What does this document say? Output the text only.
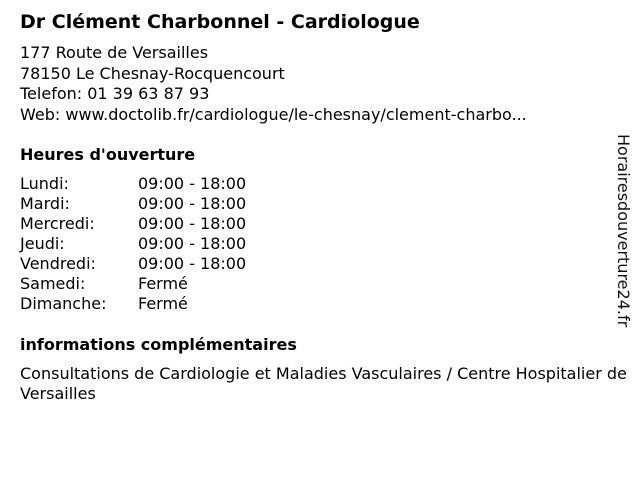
Dr Clément Charbonnel - Cardiologue
177 Route de Versailles
78150 Le Chesnay-Rocquencourt
Telefon: 01 39 63 87 93
Web: www.doctolib.fr/cardiologue/le-chesnay/clement-charbo...
Heures d'ouverture
Lundi:	09:00 - 18:00
Mardi:	09:00 - 18:00
Mercredi:	09:00 - 18:00
Jeudi:	09:00 - 18:00
Vendredi:	09:00 - 18:00
Samedi:	Fermé
Dimanche: Fermé
informations complémentaires
Consultations de Cardiologie et Maladies Vasculaires / Centre Hospitalier de Versailles
Horairesdouverture24.fr
